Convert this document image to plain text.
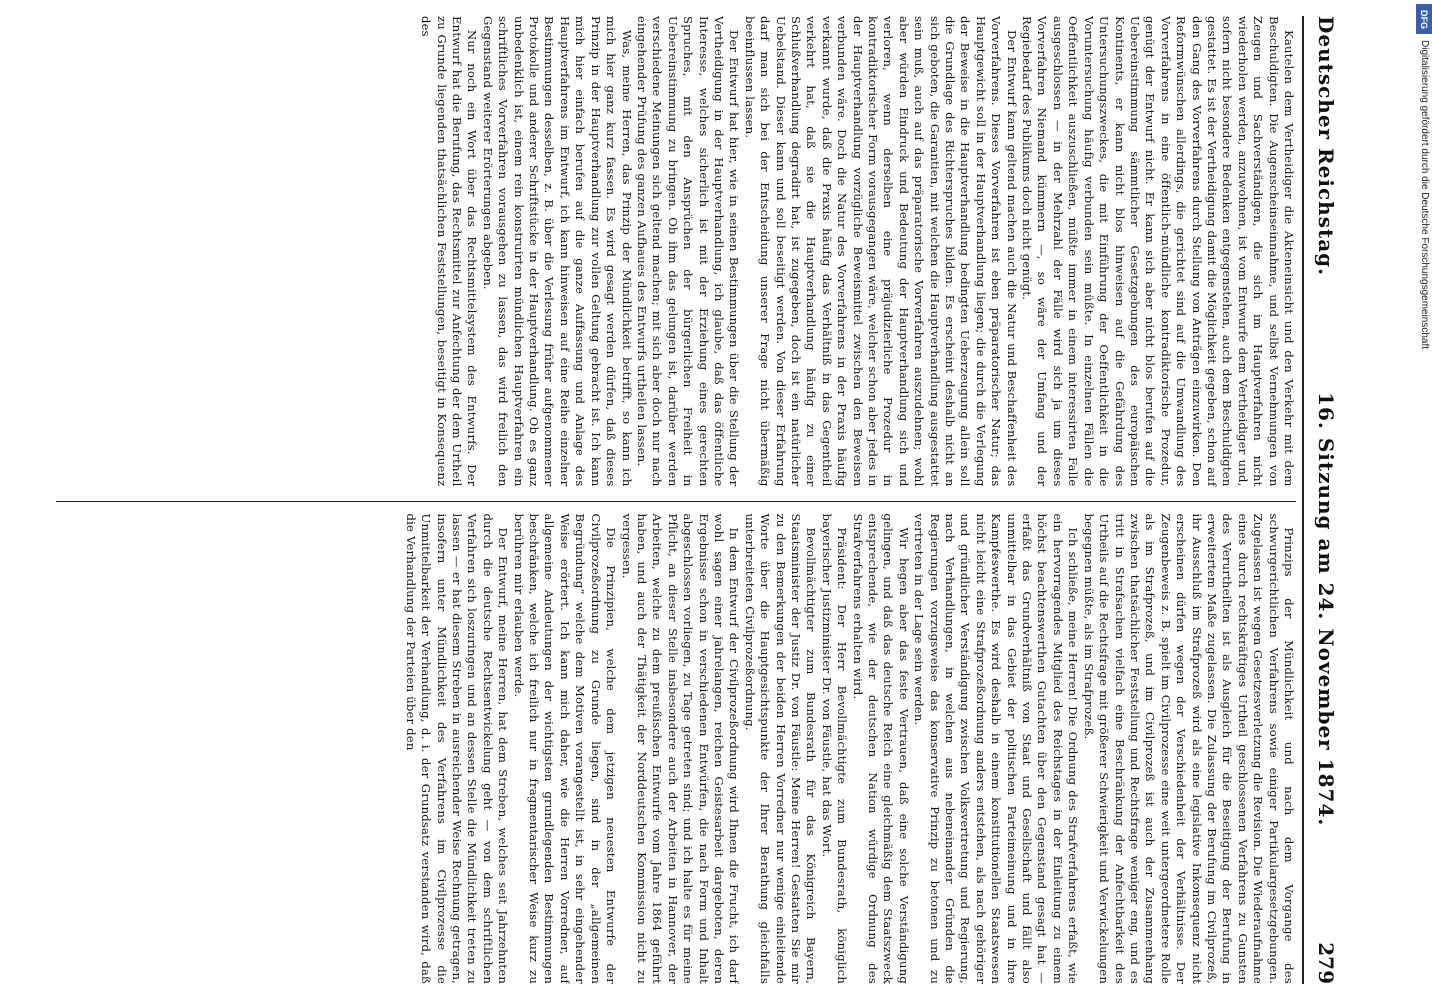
Deutscher Reichstag.
16. Sitzung am 24. November 1874.
279

Kautelen dem Vertheidiger die Akteneinsicht und den Verkehr mit dem Beschuldigten. Die Augenscheinseinnahme, und selbst Vernehmungen von Zeugen und Sachverständigen, die sich im Hauptverfahren nicht wiederholen werden, anzuwohnen, ist vom Entwurfe dem Vertheidiger und, sofern nicht besondere Bedenken entgegenstehen, auch dem Beschuldigten gestattet. Es ist der Vertheidigung damit die Möglichkeit gegeben, schon auf den Gang des Vorverfahrens durch Stellung von Anträgen einzuwirken. Den Reformwünschen allerdings, die gerichtet sind auf die Umwandlung des Vorverfahrens in eine öffentlich-mündliche kontradiktorische Prozedur, genügt der Entwurf nicht. Er kann sich aber nicht blos berufen auf die Uebereinstimmung sämmtlicher Gesetzgebungen des europäischen Kontinents, er kann nicht blos hinweisen auf die Gefährdung des Untersuchungszweckes, die mit Einführung der Oeffentlichkeit in die Voruntersuchung häufig verbunden sein müßte. In einzelnen Fällen die Oeffentlichkeit auszuschließen, müßte immer in einem interessirten Falle ausgeschlossen — in der Mehrzahl der Fälle wird sich ja um dieses Vorverfahren Niemand kümmern —, so wäre der Umfang und der Regiebedarf des Publikums doch nicht genügt.

Der Entwurf kann geltend machen auch die Natur und Beschaffenheit des Vorverfahrens. Dieses Vorverfahren ist eben präparatorischer Natur; das Hauptgewicht soll in der Hauptverhandlung liegen; die durch die Verlegung der Beweise in die Hauptverhandlung bedingten Ueberzeugung allein soll die Grundlage des Richterspruches bilden. Es erscheint deshalb nicht an sich geboten, die Garantien, mit welchen die Hauptverhandlung ausgestattet sein muß, auch auf das präparatorische Vorverfahren auszudehnen; wohl aber würden Eindruck und Bedeutung der Hauptverhandlung sich und verloren, wenn derselben eine präjudizierliche Prozedur in kontradiktorischer Form vorausgegangen wäre, welcher schon aber jedes in der Hauptverhandlung vorzügliche Beweismittel zwischen den Beweisen verbunden wäre. Doch die Natur des Vorverfahrens in der Praxis häufig verkannt wurde, daß die Praxis häufig das Verhältniß in das Gegentheil verkehrt hat, daß sie die Hauptverhandlung häufig zu einer Schlußverhandlung degradirt hat, ist zugegeben, doch ist ein natürlicher Uebelstand. Dieser kann und soll beseitigt werden. Von dieser Erfahrung darf man sich bei der Entscheidung unserer Frage nicht übermäßig beeinflussen lassen.

Der Entwurf hat hier, wie in seinen Bestimmungen über die Stellung der Vertheidigung in der Hauptverhandlung, ich glaube, daß das öffentliche Interesse, welches sicherlich ist mit der Erziehung eines gerechten Spruches, mit den Ansprüchen der bürgerlichen Freiheit in Uebereinstimmung zu bringen. Ob ihm das gelungen ist, darüber werden verschiedene Meinungen sich geltend machen; mit sich aber doch nur nach eingehender Prüfung des ganzen Aufbaues des Entwurfs urtheilen lassen.

Was, meine Herren, das Prinzip der Mündlichkeit betrifft, so kann ich mich hier ganz kurz fassen. Es wird gesagt werden dürfen, daß dieses Prinzip in der Hauptverhandlung zur vollen Geltung gebracht ist. Ich kann mich hier einfach berufen auf die ganze Auffassung und Anlage des Hauptverfahrens im Entwurf, ich kann hinweisen auf eine Reihe einzelner Bestimmungen desselben, z. B. über die Verlesung früher aufgenommener Protokolle und anderer Schriftstücke in der Hauptverhandlung. Ob es ganz unbedenklich ist, einem rein konstruirten mündlichen Hauptverfahren ein schriftliches Vorverfahren vorausgehen zu lassen, das wird freilich den Gegenstand weiterer Erörterungen abgeben.

Nur noch ein Wort über das Rechtsmittelsystem des Entwurfs. Der Entwurf hat die Berufung, das Rechtsmittel zur Anfechtung der dem Urtheil zu Grunde liegenden thatsächlichen Feststellungen, beseitigt in Konsequenz des

Prinzips der Mündlichkeit und nach dem Vorgange des schwurgerichtlichen Verfahrens sowie einiger Partikulargesetzgebungen. Zugelassen ist wegen Gesetzesverletzung die Revision. Die Wiederaufnahme eines durch rechtskräftiges Urtheil geschlossenen Verfahrens zu Gunsten des Verurtheilten ist als Ausgleich für die Beseitigung der Berufung in erweitertem Maße zugelassen. Die Zulassung der Berufung im Civilprozeß, ihr Ausschluß im Strafprozeß wird als eine legislative Inkonsequenz nicht erscheinen dürfen wegen der Verschiedenheit der Verhältnisse. Der Zeugenbeweis z. B. spielt im Civilprozesse eine weit untergeordnetere Rolle als im Strafprozeß, und im Civilprozeß ist auch der Zusammenhang zwischen thatsächlicher Feststellung und Rechtsfrage weniger eng, und es tritt in Strafsachen vielfach eine Beschränkung der Anfechtbarkeit des Urtheils auf die Rechtsfrage mit größerer Schwierigkeit und Verwickelungen begegnen müßte, als im Strafprozeß.

Ich schließe, meine Herren! Die Ordnung des Strafverfahrens erfaßt, wie ein hervorragendes Mitglied des Reichstages in der Einleitung zu einem höchst beachtenswerthen Gutachten über den Gegenstand gesagt hat — erfaßt das Grundverhältniß von Staat und Gesellschaft und fällt also unmittelbar in das Gebiet der politischen Parteimeinung und in ihre Kampfeswerthe. Es wird deshalb in einem konstitutionellen Staatswesen nicht leicht eine Strafprozeßordnung anders entstehen, als nach gehöriger und gründlicher Verständigung zwischen Volksvertretung und Regierung, nach Verhandlungen, in welchen aus nebeneinander Gründen die Regierungen vorzugsweise das konservative Prinzip zu betonen und zu vertreten in der Lage sein werden.

Wir hegen aber das feste Vertrauen, daß eine solche Verständigung gelingen, und daß das deutsche Reich eine gleichmäßig dem Staatszweck entsprechende, wie der deutschen Nation würdige Ordnung des Strafverfahrens erhalten wird.

Präsident: Der Herr Bevollmächtigte zum Bundesrath, königlich bayerischer Justizminister Dr. von Fäustle, hat das Wort.

Bevollmächtigter zum Bundesrath für das Königreich Bayern, Staatsminister der Justiz Dr. von Fäustle: Meine Herren! Gestatten Sie mir zu den Bemerkungen der beiden Herren Vorredner nur wenige einleitende Worte über die Hauptgesichtspunkte der Ihrer Berathung gleichfalls unterbreiteten Civilprozeßordnung.

In dem Entwurf der Civilprozeßordnung wird Ihnen die Frucht, ich darf wohl sagen einer jahrelangen, reichen Geistesarbeit dargeboten, deren Ergebnisse schon in verschiedenen Entwürfen, die nach Form und Inhalt abgeschlossen vorliegen, zu Tage getreten sind; und ich halte es für meine Pflicht, an dieser Stelle insbesondere auch der Arbeiten in Hannover, der Arbeiten, welche zu dem preußischen Entwurfe vom Jahre 1864 geführt haben, und auch der Thätigkeit der Norddeutschen Kommission nicht zu vergessen.

Die Prinzipien, welche dem jetzigen neuesten Entwurfe der Civilprozeßordnung zu Grunde liegen, sind in der „allgemeinen Begründung“ welche dem Motiven vorangestellt ist, in sehr eingehender Weise erörtert. Ich kann mich daher, wie die Herren Vorredner, auf allgemeine Andeutungen der wichtigsten grundlegenden Bestimmungen beschränken, welche ich freilich nur in fragmentarischer Weise kurz zu berühren mir erlauben werde.

Der Entwurf, meine Herren, hat dem Streben, welches seit Jahrzehnten durch die deutsche Rechtsentwickelung geht — von dem schriftlichen Verfahren sich loszuringen und an dessen Stelle die Mündlichkeit treten zu lassen — er hat diesem Streben in ausreichender Weise Rechnung getragen, insofern unter Mündlichkeit des Verfahrens im Civilprozesse die Unmittelbarkeit der Verhandlung, d. i. der Grundsatz verstanden wird, daß die Verhandlung der Parteien über den

Digitalisierung gefördert durch die Deutsche Forschungsgemeinschaft
DFG
